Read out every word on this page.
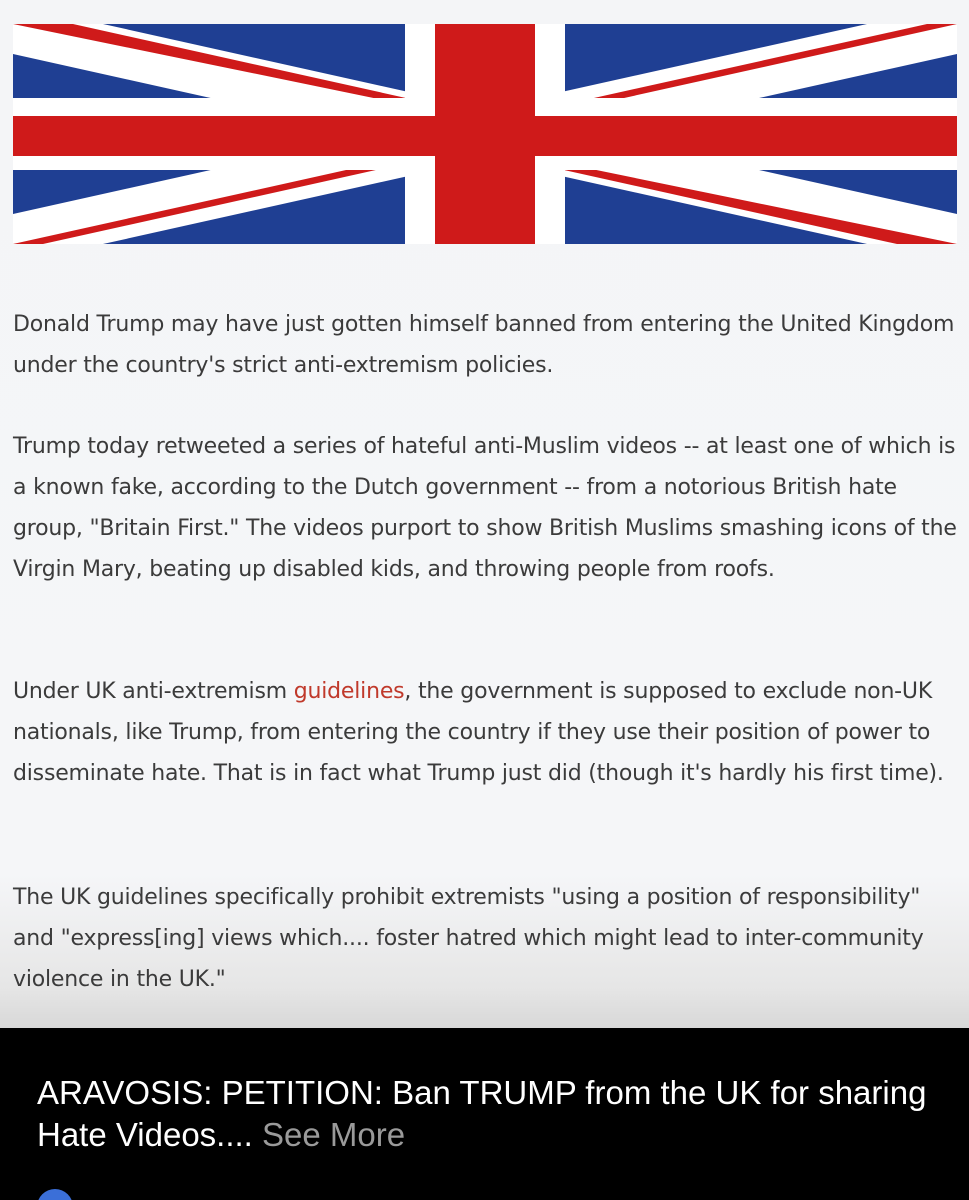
Donald Trump may have just gotten himself banned from entering the United Kingdom under the country's strict anti-extremism policies.

Trump today retweeted a series of hateful anti-Muslim videos -- at least one of which is a known fake, according to the Dutch government -- from a notorious British hate group, "Britain First." The videos purport to show British Muslims smashing icons of the Virgin Mary, beating up disabled kids, and throwing people from roofs.

Under UK anti-extremism guidelines, the government is supposed to exclude non-UK nationals, like Trump, from entering the country if they use their position of power to disseminate hate. That is in fact what Trump just did (though it's hardly his first time).

The UK guidelines specifically prohibit extremists "using a position of responsibility" and "express[ing] views which.... foster hatred which might lead to inter-community violence in the UK."

ARAVOSIS: PETITION: Ban TRUMP from the UK for sharing Hate Videos.... See More
